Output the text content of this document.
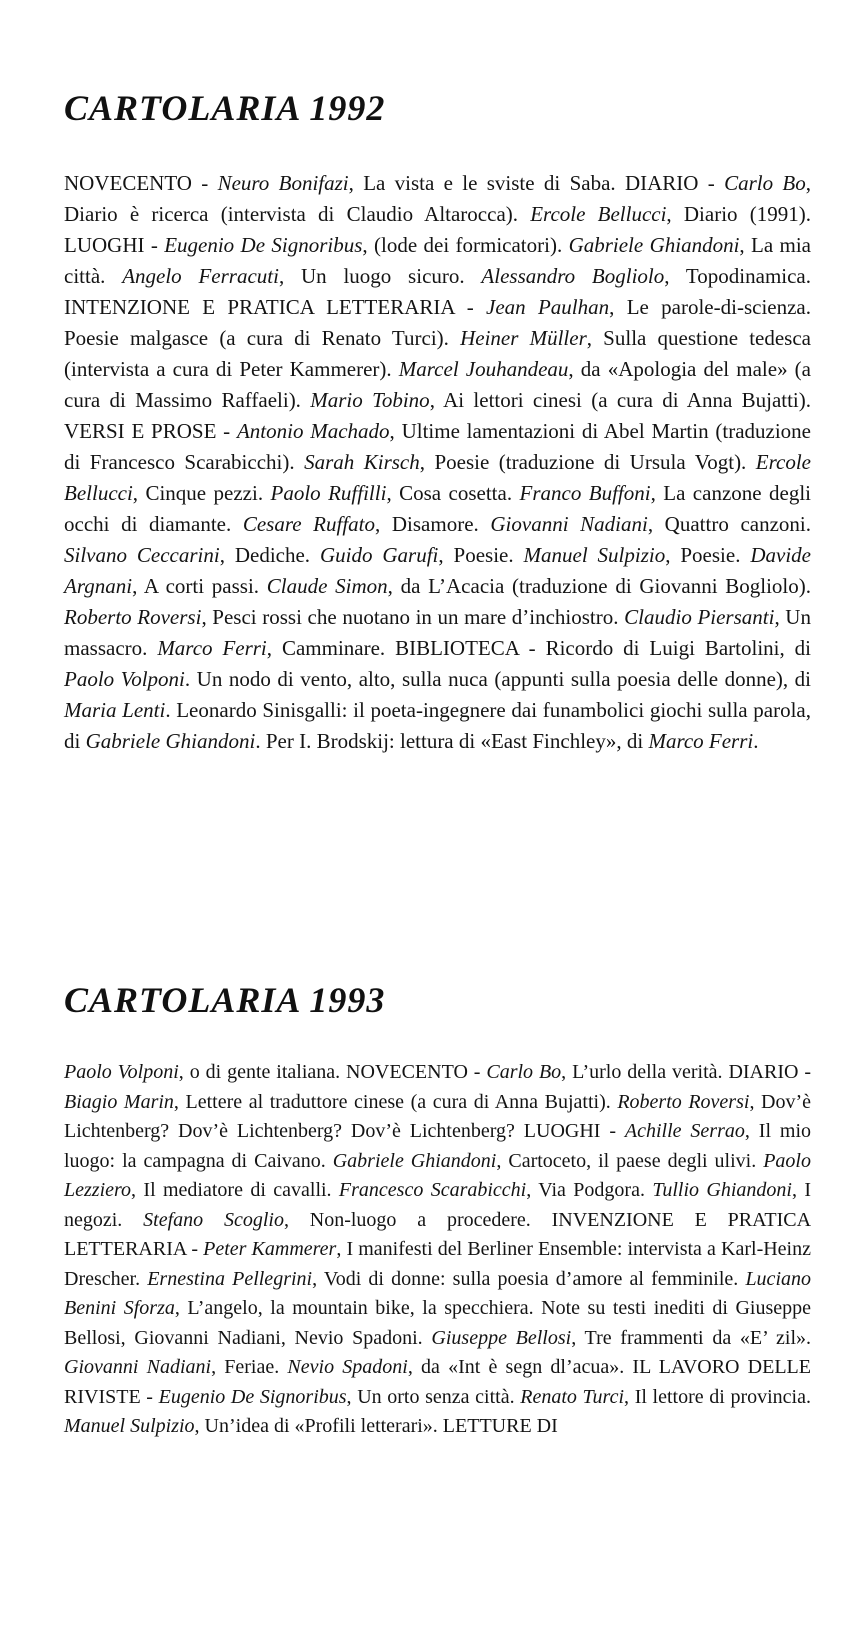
CARTOLARIA 1992

NOVECENTO - Neuro Bonifazi, La vista e le sviste di Saba. DIARIO - Carlo Bo, Diario è ricerca (intervista di Claudio Altarocca). Ercole Bellucci, Diario (1991). LUOGHI - Eugenio De Signoribus, (lode dei formicatori). Gabriele Ghiandoni, La mia città. Angelo Ferracuti, Un luogo sicuro. Alessandro Bogliolo, Topodinamica. INTENZIONE E PRATICA LETTERARIA - Jean Paulhan, Le parole-di-scienza. Poesie malgasce (a cura di Renato Turci). Heiner Müller, Sulla questione tedesca (intervista a cura di Peter Kammerer). Marcel Jouhandeau, da «Apologia del male» (a cura di Massimo Raffaeli). Mario Tobino, Ai lettori cinesi (a cura di Anna Bujatti). VERSI E PROSE - Antonio Machado, Ultime lamentazioni di Abel Martin (traduzione di Francesco Scarabicchi). Sarah Kirsch, Poesie (traduzione di Ursula Vogt). Ercole Bellucci, Cinque pezzi. Paolo Ruffilli, Cosa cosetta. Franco Buffoni, La canzone degli occhi di diamante. Cesare Ruffato, Disamore. Giovanni Nadiani, Quattro canzoni. Silvano Ceccarini, Dediche. Guido Garufi, Poesie. Manuel Sulpizio, Poesie. Davide Argnani, A corti passi. Claude Simon, da L’Acacia (traduzione di Giovanni Bogliolo). Roberto Roversi, Pesci rossi che nuotano in un mare d’inchiostro. Claudio Piersanti, Un massacro. Marco Ferri, Camminare. BIBLIOTECA - Ricordo di Luigi Bartolini, di Paolo Volponi. Un nodo di vento, alto, sulla nuca (appunti sulla poesia delle donne), di Maria Lenti. Leonardo Sinisgalli: il poeta-ingegnere dai funambolici giochi sulla parola, di Gabriele Ghiandoni. Per I. Brodskij: lettura di «East Finchley», di Marco Ferri.

CARTOLARIA 1993

Paolo Volponi, o di gente italiana. NOVECENTO - Carlo Bo, L’urlo della verità. DIARIO - Biagio Marin, Lettere al traduttore cinese (a cura di Anna Bujatti). Roberto Roversi, Dov’è Lichtenberg? Dov’è Lichtenberg? Dov’è Lichtenberg? LUOGHI - Achille Serrao, Il mio luogo: la campagna di Caivano. Gabriele Ghiandoni, Cartoceto, il paese degli ulivi. Paolo Lezziero, Il mediatore di cavalli. Francesco Scarabicchi, Via Podgora. Tullio Ghiandoni, I negozi. Stefano Scoglio, Non-luogo a procedere. INVENZIONE E PRATICA LETTERARIA - Peter Kammerer, I manifesti del Berliner Ensemble: intervista a Karl-Heinz Drescher. Ernestina Pellegrini, Vodi di donne: sulla poesia d’amore al femminile. Luciano Benini Sforza, L’angelo, la mountain bike, la specchiera. Note su testi inediti di Giuseppe Bellosi, Giovanni Nadiani, Nevio Spadoni. Giuseppe Bellosi, Tre frammenti da «E’ zil». Giovanni Nadiani, Feriae. Nevio Spadoni, da «Int è segn dl’acua». IL LAVORO DELLE RIVISTE - Eugenio De Signoribus, Un orto senza città. Renato Turci, Il lettore di provincia. Manuel Sulpizio, Un’idea di «Profili letterari». LETTURE DI
